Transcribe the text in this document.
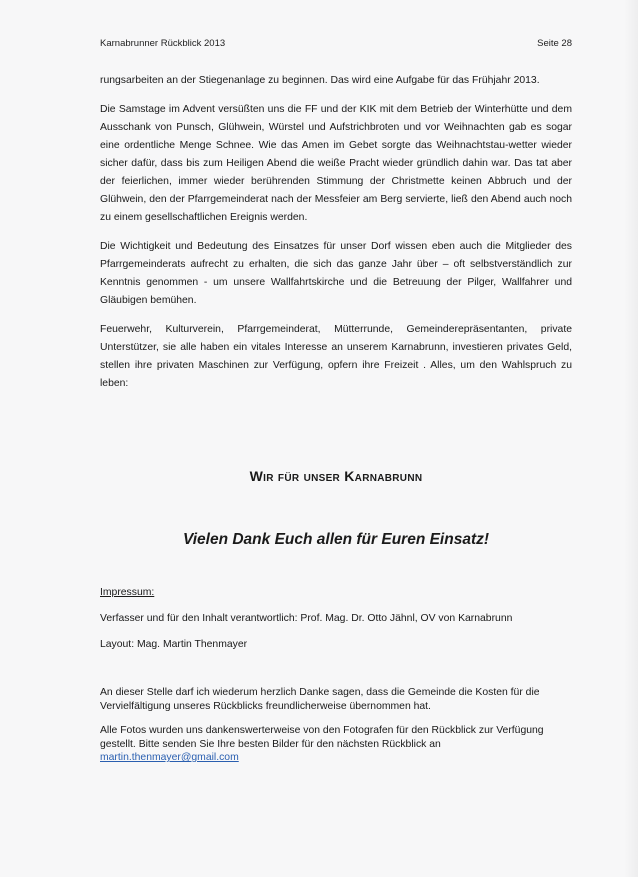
Karnabrunner Rückblick 2013	Seite 28

rungsarbeiten an der Stiegenanlage zu beginnen. Das wird eine Aufgabe für das Frühjahr 2013.

Die Samstage im Advent versüßten uns die FF und der KIK mit dem Betrieb der Winterhütte und dem Ausschank von Punsch, Glühwein, Würstel und Aufstrichbroten und vor Weihnachten gab es sogar eine ordentliche Menge Schnee. Wie das Amen im Gebet sorgte das Weihnachtstau-wetter wieder sicher dafür, dass bis zum Heiligen Abend die weiße Pracht wieder gründlich dahin war. Das tat aber der feierlichen, immer wieder berührenden Stimmung der Christmette keinen Abbruch und der Glühwein, den der Pfarrgemeinderat nach der Messfeier am Berg servierte, ließ den Abend auch noch zu einem gesellschaftlichen Ereignis werden.

Die Wichtigkeit und Bedeutung des Einsatzes für unser Dorf wissen eben auch die Mitglieder des Pfarrgemeinderats aufrecht zu erhalten, die sich das ganze Jahr über – oft selbstverständlich zur Kenntnis genommen - um unsere Wallfahrtskirche und die Betreuung der Pilger, Wallfahrer und Gläubigen bemühen.

Feuerwehr, Kulturverein, Pfarrgemeinderat, Mütterrunde, Gemeinderepräsentanten, private Unterstützer, sie alle haben ein vitales Interesse an unserem Karnabrunn, investieren privates Geld, stellen ihre privaten Maschinen zur Verfügung, opfern ihre Freizeit . Alles, um den Wahlspruch zu leben:

Wir für unser Karnabrunn
Vielen Dank Euch allen für Euren Einsatz!

Impressum:

Verfasser und für den Inhalt verantwortlich: Prof. Mag. Dr. Otto Jähnl, OV von Karnabrunn

Layout: Mag. Martin Thenmayer

An dieser Stelle darf ich wiederum herzlich Danke sagen, dass die Gemeinde die Kosten für die Vervielfältigung unseres Rückblicks freundlicherweise übernommen hat.

Alle Fotos wurden uns dankenswerterweise von den Fotografen für den Rückblick zur Verfügung gestellt. Bitte senden Sie Ihre besten Bilder für den nächsten Rückblick an
martin.thenmayer@gmail.com
